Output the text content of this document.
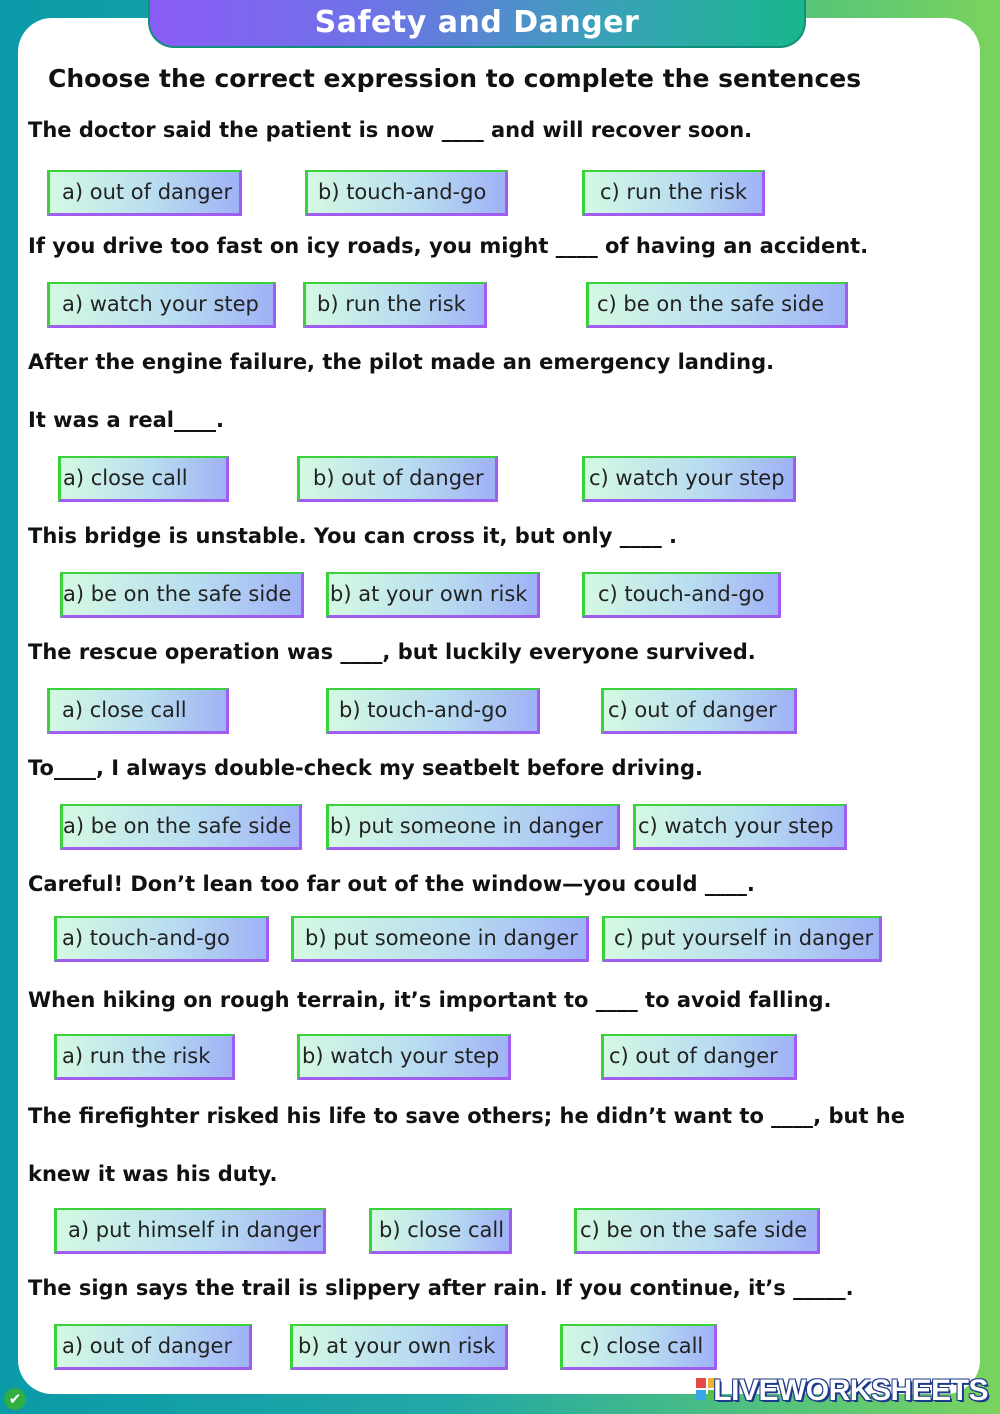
Safety and Danger
Choose the correct expression to complete the sentences
The doctor said the patient is now ____ and will recover soon.
a) out of danger	b) touch-and-go	c) run the risk
If you drive too fast on icy roads, you might ____ of having an accident.
a) watch your step	b) run the risk	c) be on the safe side
After the engine failure, the pilot made an emergency landing.
It was a real____.
a) close call	b) out of danger	c) watch your step
This bridge is unstable. You can cross it, but only ____ .
a) be on the safe side	b) at your own risk	c) touch-and-go
The rescue operation was ____, but luckily everyone survived.
a) close call	b) touch-and-go	c) out of danger
To____, I always double-check my seatbelt before driving.
a) be on the safe side	b) put someone in danger	c) watch your step
Careful! Don’t lean too far out of the window—you could ____.
a) touch-and-go	b) put someone in danger	c) put yourself in danger
When hiking on rough terrain, it’s important to ____ to avoid falling.
a) run the risk	b) watch your step	c) out of danger
The firefighter risked his life to save others; he didn’t want to ____, but he
knew it was his duty.
a) put himself in danger	b) close call	c) be on the safe side
The sign says the trail is slippery after rain. If you continue, it’s _____.
a) out of danger	b) at your own risk	c) close call
LIVEWORKSHEETS
✔
